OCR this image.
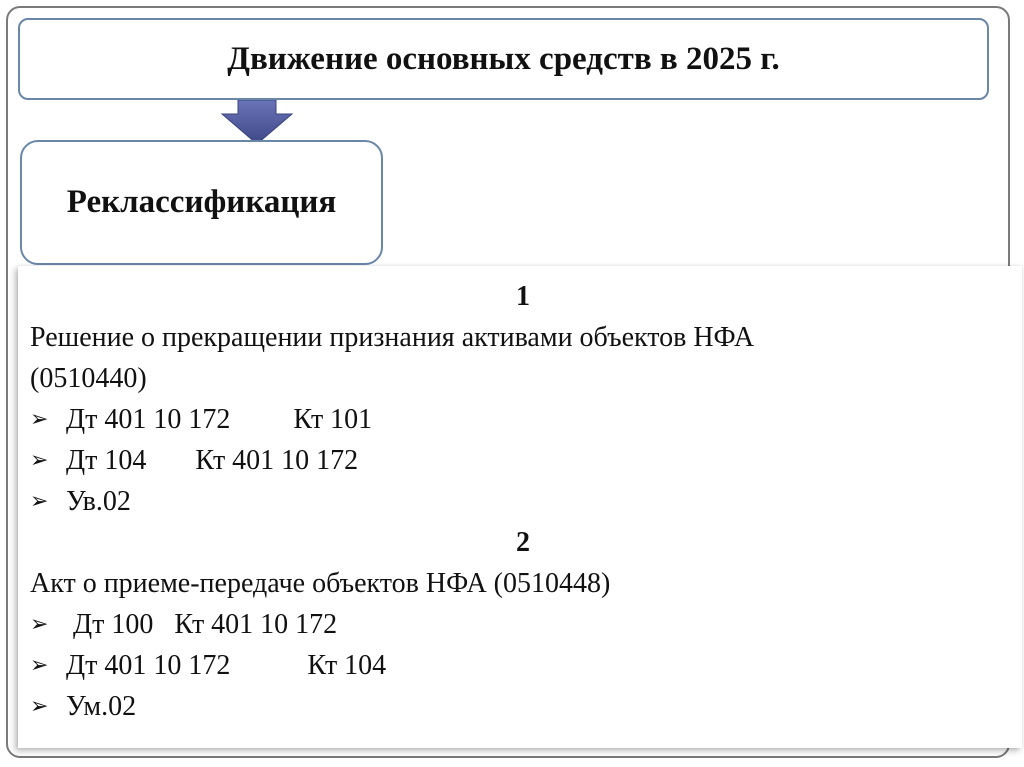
Движение основных средств в 2025 г.
Реклассификация
1
Решение о прекращении признания активами объектов НФА
(0510440)
➢ Дт 401 10 172         Кт 101
➢ Дт 104       Кт 401 10 172
➢ Ув.02
2
Акт о приеме-передаче объектов НФА (0510448)
➢ Дт 100   Кт 401 10 172
➢ Дт 401 10 172           Кт 104
➢ Ум.02
